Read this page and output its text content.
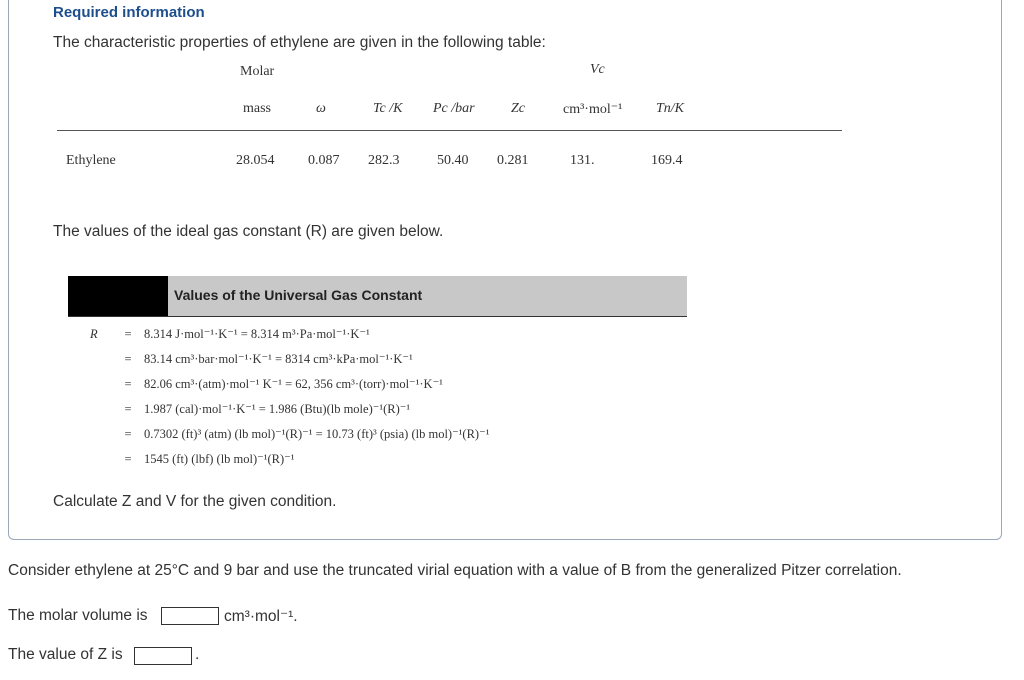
Required information
The characteristic properties of ethylene are given in the following table:
Molar	Vc
mass	ω	Tc /K Pc /bar	Zc	cm³·mol⁻¹ Tn/K
Ethylene	28.054 0.087 282.3	50.40 0.281	131.	169.4
The values of the ideal gas constant (R) are given below.
Values of the Universal Gas Constant
R = 8.314 J·mol⁻¹·K⁻¹ = 8.314 m³·Pa·mol⁻¹·K⁻¹
= 83.14 cm³·bar·mol⁻¹·K⁻¹ = 8314 cm³·kPa·mol⁻¹·K⁻¹
= 82.06 cm³·(atm)·mol⁻¹ K⁻¹ = 62, 356 cm³·(torr)·mol⁻¹·K⁻¹
= 1.987 (cal)·mol⁻¹·K⁻¹ = 1.986 (Btu)(lb mole)⁻¹(R)⁻¹
= 0.7302 (ft)³ (atm) (lb mol)⁻¹(R)⁻¹ = 10.73 (ft)³ (psia) (lb mol)⁻¹(R)⁻¹
= 1545 (ft) (lbf) (lb mol)⁻¹(R)⁻¹
Calculate Z and V for the given condition.
Consider ethylene at 25°C and 9 bar and use the truncated virial equation with a value of B from the generalized Pitzer correlation.
The molar volume is	cm³·mol⁻¹.
The value of Z is	.
